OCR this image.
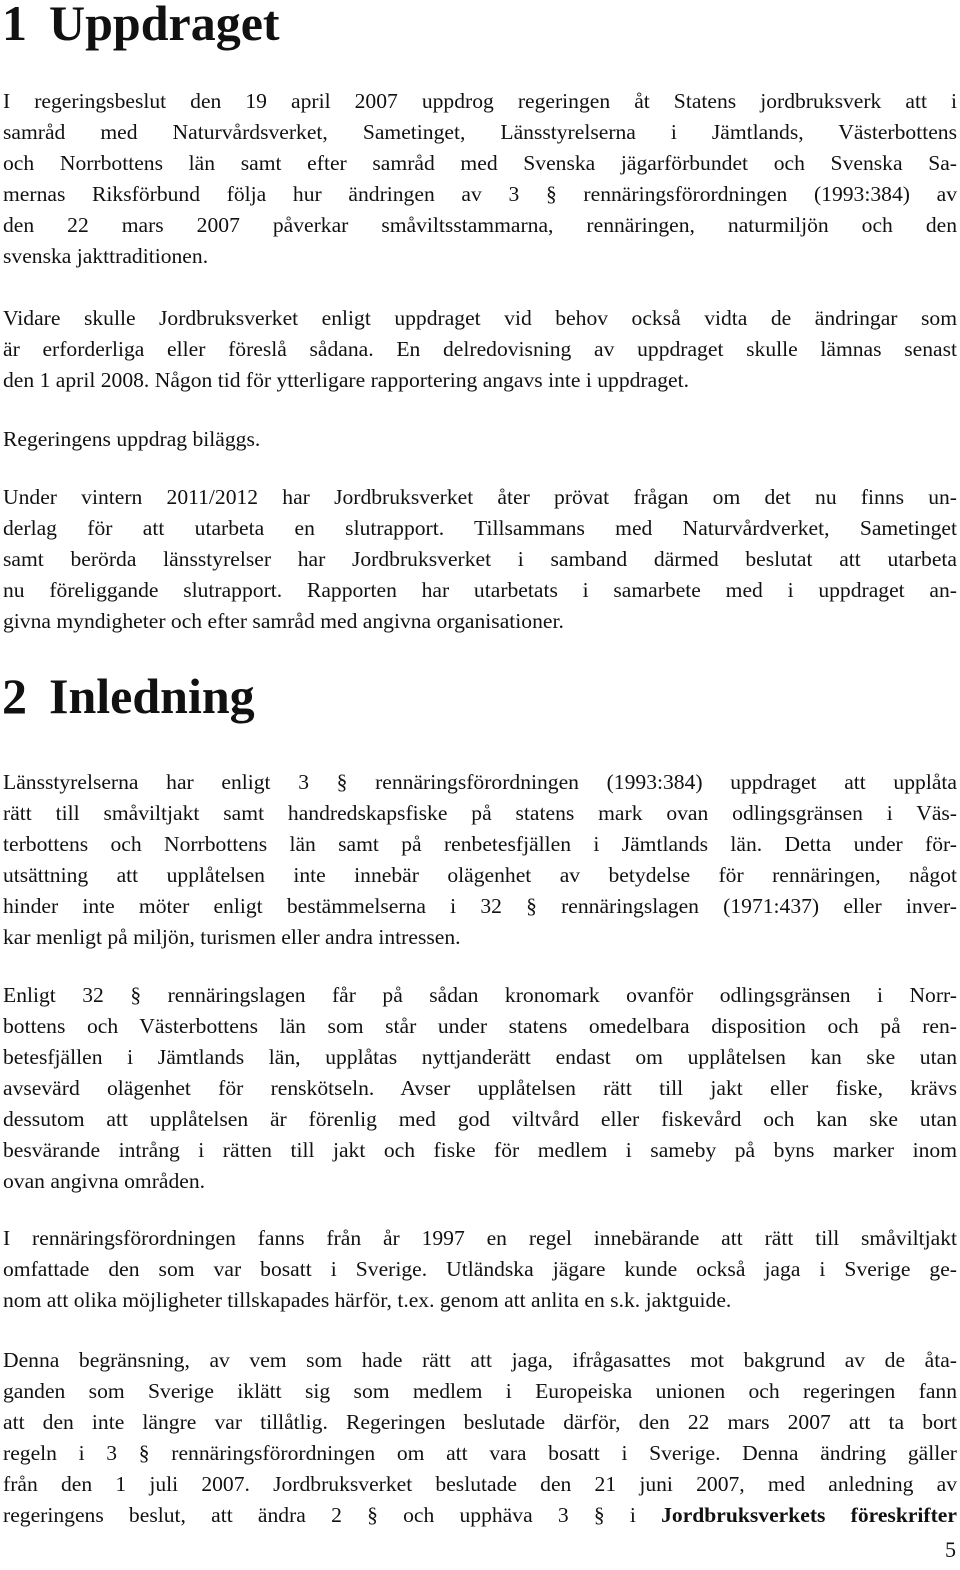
1 Uppdraget
I regeringsbeslut den 19 april 2007 uppdrog regeringen åt Statens jordbruksverk att i
samråd med Naturvårdsverket, Sametinget, Länsstyrelserna i Jämtlands, Västerbottens
och Norrbottens län samt efter samråd med Svenska jägarförbundet och Svenska Sa-
mernas Riksförbund följa hur ändringen av 3 § rennäringsförordningen (1993:384) av
den 22 mars 2007 påverkar småviltsstammarna, rennäringen, naturmiljön och den
svenska jakttraditionen.
Vidare skulle Jordbruksverket enligt uppdraget vid behov också vidta de ändringar som
är erforderliga eller föreslå sådana. En delredovisning av uppdraget skulle lämnas senast
den 1 april 2008. Någon tid för ytterligare rapportering angavs inte i uppdraget.
Regeringens uppdrag biläggs.
Under vintern 2011/2012 har Jordbruksverket åter prövat frågan om det nu finns un-
derlag för att utarbeta en slutrapport. Tillsammans med Naturvårdverket, Sametinget
samt berörda länsstyrelser har Jordbruksverket i samband därmed beslutat att utarbeta
nu föreliggande slutrapport. Rapporten har utarbetats i samarbete med i uppdraget an-
givna myndigheter och efter samråd med angivna organisationer.
2 Inledning
Länsstyrelserna har enligt 3 § rennäringsförordningen (1993:384) uppdraget att upplåta
rätt till småviltjakt samt handredskapsfiske på statens mark ovan odlingsgränsen i Väs-
terbottens och Norrbottens län samt på renbetesfjällen i Jämtlands län. Detta under för-
utsättning att upplåtelsen inte innebär olägenhet av betydelse för rennäringen, något
hinder inte möter enligt bestämmelserna i 32 § rennäringslagen (1971:437) eller inver-
kar menligt på miljön, turismen eller andra intressen.
Enligt 32 § rennäringslagen får på sådan kronomark ovanför odlingsgränsen i Norr-
bottens och Västerbottens län som står under statens omedelbara disposition och på ren-
betesfjällen i Jämtlands län, upplåtas nyttjanderätt endast om upplåtelsen kan ske utan
avsevärd olägenhet för renskötseln. Avser upplåtelsen rätt till jakt eller fiske, krävs
dessutom att upplåtelsen är förenlig med god viltvård eller fiskevård och kan ske utan
besvärande intrång i rätten till jakt och fiske för medlem i sameby på byns marker inom
ovan angivna områden.
I rennäringsförordningen fanns från år 1997 en regel innebärande att rätt till småviltjakt
omfattade den som var bosatt i Sverige. Utländska jägare kunde också jaga i Sverige ge-
nom att olika möjligheter tillskapades härför, t.ex. genom att anlita en s.k. jaktguide.
Denna begränsning, av vem som hade rätt att jaga, ifrågasattes mot bakgrund av de åta-
ganden som Sverige iklätt sig som medlem i Europeiska unionen och regeringen fann
att den inte längre var tillåtlig. Regeringen beslutade därför, den 22 mars 2007 att ta bort
regeln i 3 § rennäringsförordningen om att vara bosatt i Sverige. Denna ändring gäller
från den 1 juli 2007. Jordbruksverket beslutade den 21 juni 2007, med anledning av
regeringens beslut, att ändra 2 § och upphäva 3 § i Jordbruksverkets föreskrifter
5
